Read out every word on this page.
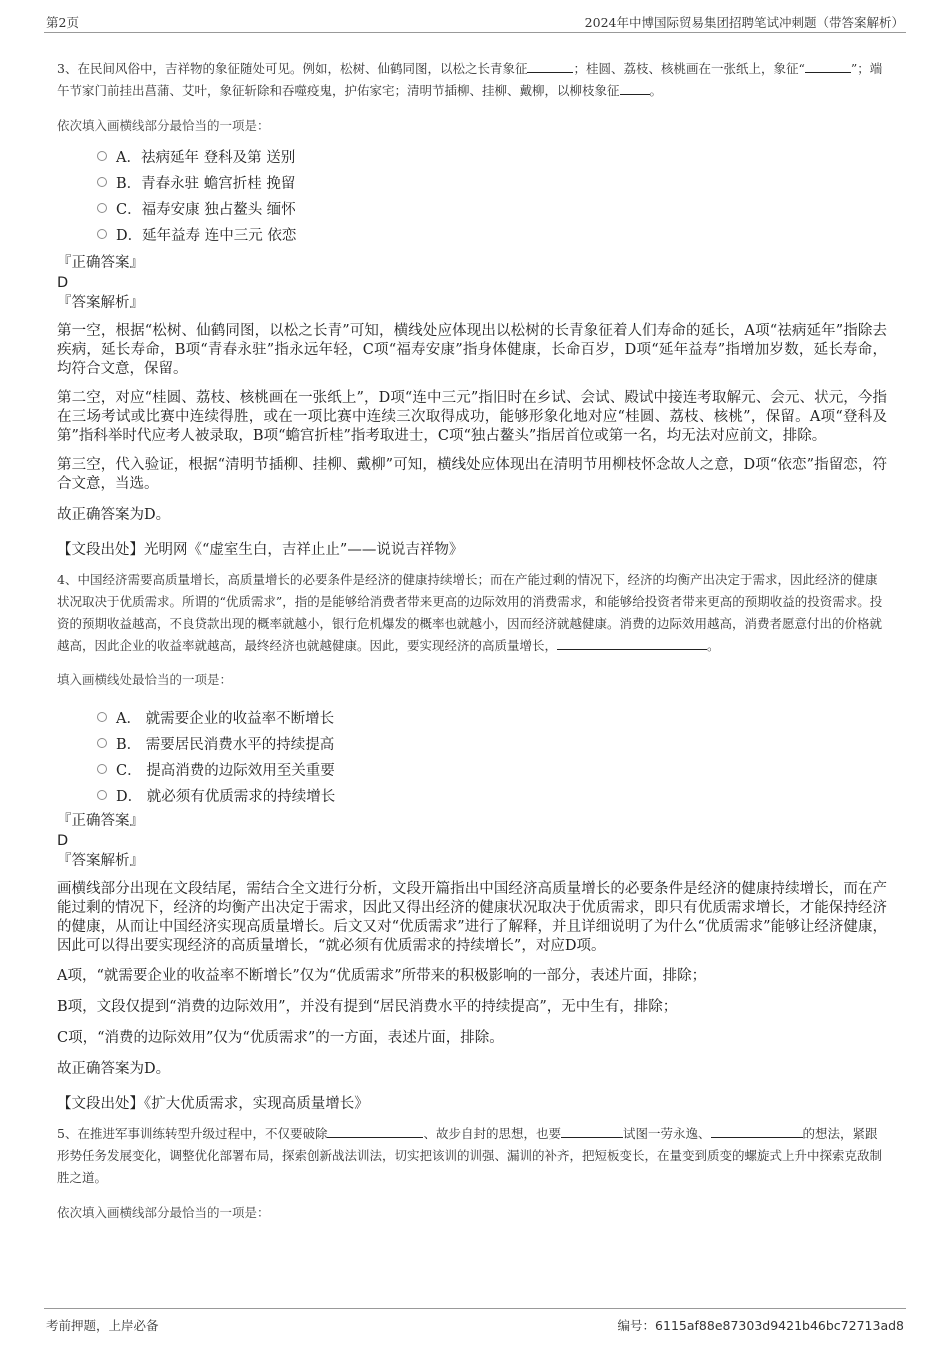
第2页	2024年中博国际贸易集团招聘笔试冲刺题（带答案解析）

3、在民间风俗中，吉祥物的象征随处可见。例如，松树、仙鹤同图，以松之长青象征	；桂圆、荔枝、核桃画在一张纸上，象征“	”；端午节家门前挂出菖蒲、艾叶，象征斩除和吞噬疫鬼，护佑家宅；清明节插柳、挂柳、戴柳，以柳枝象征 。

依次填入画横线部分最恰当的一项是：

A．祛病延年 登科及第 送别
B．青春永驻 蟾宫折桂 挽留
C．福寿安康 独占鳌头 缅怀
D．延年益寿 连中三元 依恋

『正确答案』

D

『答案解析』

第一空，根据“松树、仙鹤同图，以松之长青”可知，横线处应体现出以松树的长青象征着人们寿命的延长，A项“祛病延年”指除去疾病，延长寿命，B项“青春永驻”指永远年轻，C项“福寿安康”指身体健康，长命百岁，D项“延年益寿”指增加岁数，延长寿命，均符合文意，保留。

第二空，对应“桂圆、荔枝、核桃画在一张纸上”，D项“连中三元”指旧时在乡试、会试、殿试中接连考取解元、会元、状元，今指在三场考试或比赛中连续得胜，或在一项比赛中连续三次取得成功，能够形象化地对应“桂圆、荔枝、核桃”，保留。A项“登科及第”指科举时代应考人被录取，B项“蟾宫折桂”指考取进士，C项“独占鳌头”指居首位或第一名，均无法对应前文，排除。

第三空，代入验证，根据“清明节插柳、挂柳、戴柳”可知，横线处应体现出在清明节用柳枝怀念故人之意，D项“依恋”指留恋，符合文意，当选。

故正确答案为D。

【文段出处】光明网《“虚室生白，吉祥止止”——说说吉祥物》

4、中国经济需要高质量增长，高质量增长的必要条件是经济的健康持续增长；而在产能过剩的情况下，经济的均衡产出决定于需求，因此经济的健康状况取决于优质需求。所谓的“优质需求”，指的是能够给消费者带来更高的边际效用的消费需求，和能够给投资者带来更高的预期收益的投资需求。投资的预期收益越高，不良贷款出现的概率就越小，银行危机爆发的概率也就越小，因而经济就越健康。消费的边际效用越高，消费者愿意付出的价格就越高，因此企业的收益率就越高，最终经济也就越健康。因此，要实现经济的高质量增长，	。

填入画横线处最恰当的一项是：

A． 就需要企业的收益率不断增长
B． 需要居民消费水平的持续提高
C． 提高消费的边际效用至关重要
D． 就必须有优质需求的持续增长

『正确答案』

D

『答案解析』

画横线部分出现在文段结尾，需结合全文进行分析，文段开篇指出中国经济高质量增长的必要条件是经济的健康持续增长，而在产能过剩的情况下，经济的均衡产出决定于需求，因此又得出经济的健康状况取决于优质需求，即只有优质需求增长，才能保持经济的健康，从而让中国经济实现高质量增长。后文又对“优质需求”进行了解释，并且详细说明了为什么“优质需求”能够让经济健康，因此可以得出要实现经济的高质量增长，“就必须有优质需求的持续增长”，对应D项。

A项，“就需要企业的收益率不断增长”仅为“优质需求”所带来的积极影响的一部分，表述片面，排除；

B项，文段仅提到“消费的边际效用”，并没有提到“居民消费水平的持续提高”，无中生有，排除；

C项，“消费的边际效用”仅为“优质需求”的一方面，表述片面，排除。

故正确答案为D。

【文段出处】《扩大优质需求，实现高质量增长》

5、在推进军事训练转型升级过程中，不仅要破除	、故步自封的思想，也要	试图一劳永逸、	的想法，紧跟形势任务发展变化，调整优化部署布局，探索创新战法训法，切实把该训的训强、漏训的补齐，把短板变长，在量变到质变的螺旋式上升中探索克敌制胜之道。

依次填入画横线部分最恰当的一项是：

考前押题，上岸必备	编号：6115af88e87303d9421b46bc72713ad8
